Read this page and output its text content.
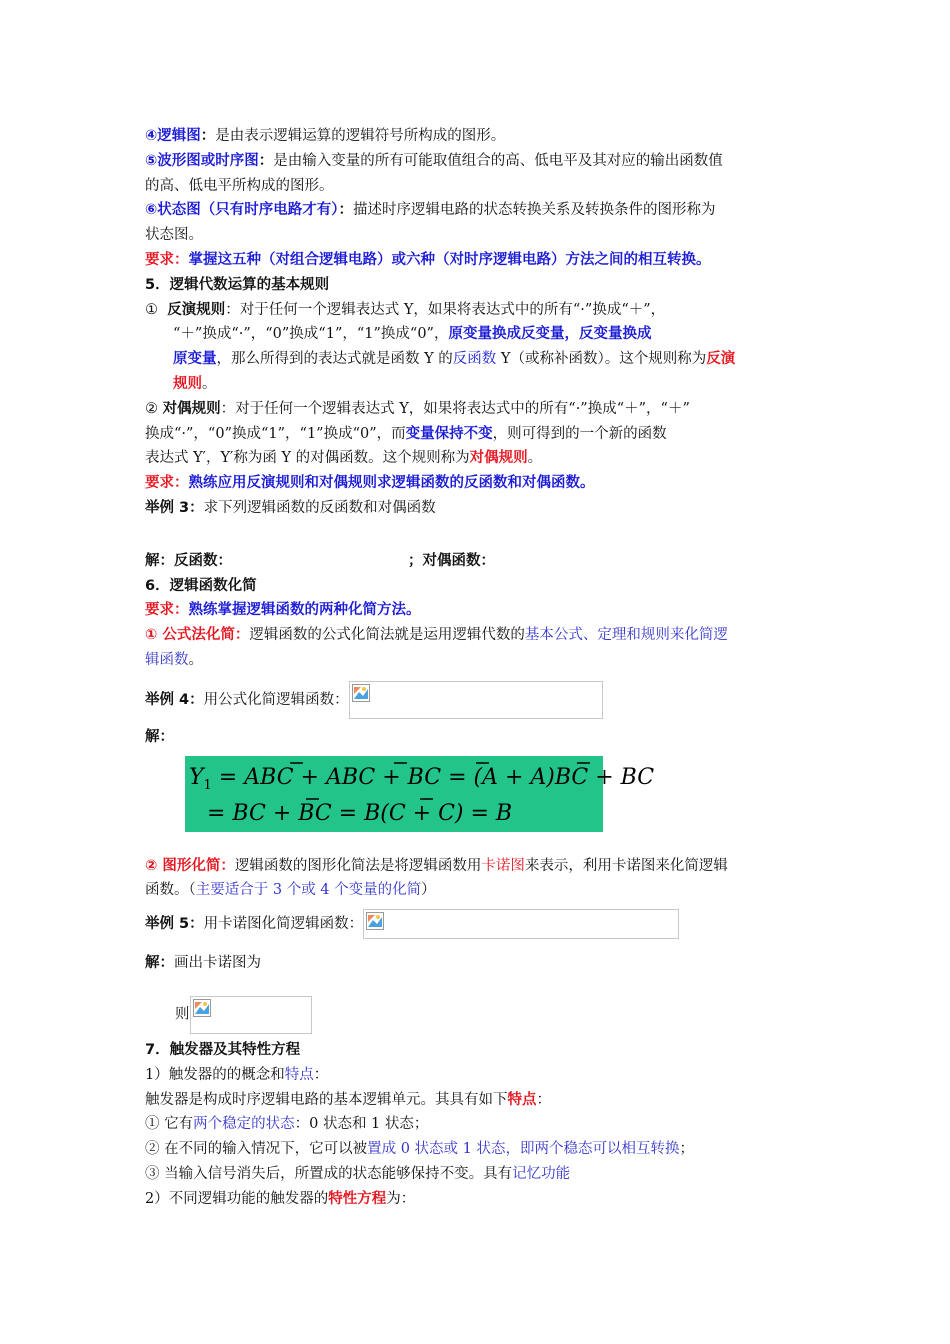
④逻辑图：是由表示逻辑运算的逻辑符号所构成的图形。
⑤波形图或时序图：是由输入变量的所有可能取值组合的高、低电平及其对应的输出函数值
的高、低电平所构成的图形。
⑥状态图（只有时序电路才有）：描述时序逻辑电路的状态转换关系及转换条件的图形称为
状态图。
要求：掌握这五种（对组合逻辑电路）或六种（对时序逻辑电路）方法之间的相互转换。
5．逻辑代数运算的基本规则
① 反演规则：对于任何一个逻辑表达式 Y，如果将表达式中的所有“·”换成“＋”，
“＋”换成“·”，“0”换成“1”，“1”换成“0”，原变量换成反变量，反变量换成
原变量，那么所得到的表达式就是函数 Y 的反函数 Y（或称补函数）。这个规则称为反演
规则。
② 对偶规则：对于任何一个逻辑表达式 Y，如果将表达式中的所有“·”换成“＋”，“＋”
换成“·”，“0”换成“1”，“1”换成“0”，而变量保持不变，则可得到的一个新的函数
表达式 Y′，Y′称为函 Y 的对偶函数。这个规则称为对偶规则。
要求：熟练应用反演规则和对偶规则求逻辑函数的反函数和对偶函数。
举例 3：求下列逻辑函数的反函数和对偶函数
解：反函数：	；对偶函数：
6．逻辑函数化简
要求：熟练掌握逻辑函数的两种化简方法。
① 公式法化简：逻辑函数的公式化简法就是运用逻辑代数的基本公式、定理和规则来化简逻
辑函数。
举例 4：用公式化简逻辑函数：
解：
$Y_1$ = ABC + ABC + BC = (A + A)BC + BC
= BC + BC = B(C + C) = B
② 图形化简：逻辑函数的图形化简法是将逻辑函数用卡诺图来表示，利用卡诺图来化简逻辑
函数。（主要适合于 3 个或 4 个变量的化简）
举例 5：用卡诺图化简逻辑函数：
解：画出卡诺图为
则
7．触发器及其特性方程
1）触发器的的概念和特点：
触发器是构成时序逻辑电路的基本逻辑单元。其具有如下特点：
① 它有两个稳定的状态：0 状态和 1 状态；
② 在不同的输入情况下，它可以被置成 0 状态或 1 状态，即两个稳态可以相互转换；
③ 当输入信号消失后，所置成的状态能够保持不变。具有记忆功能
2）不同逻辑功能的触发器的特性方程为：
